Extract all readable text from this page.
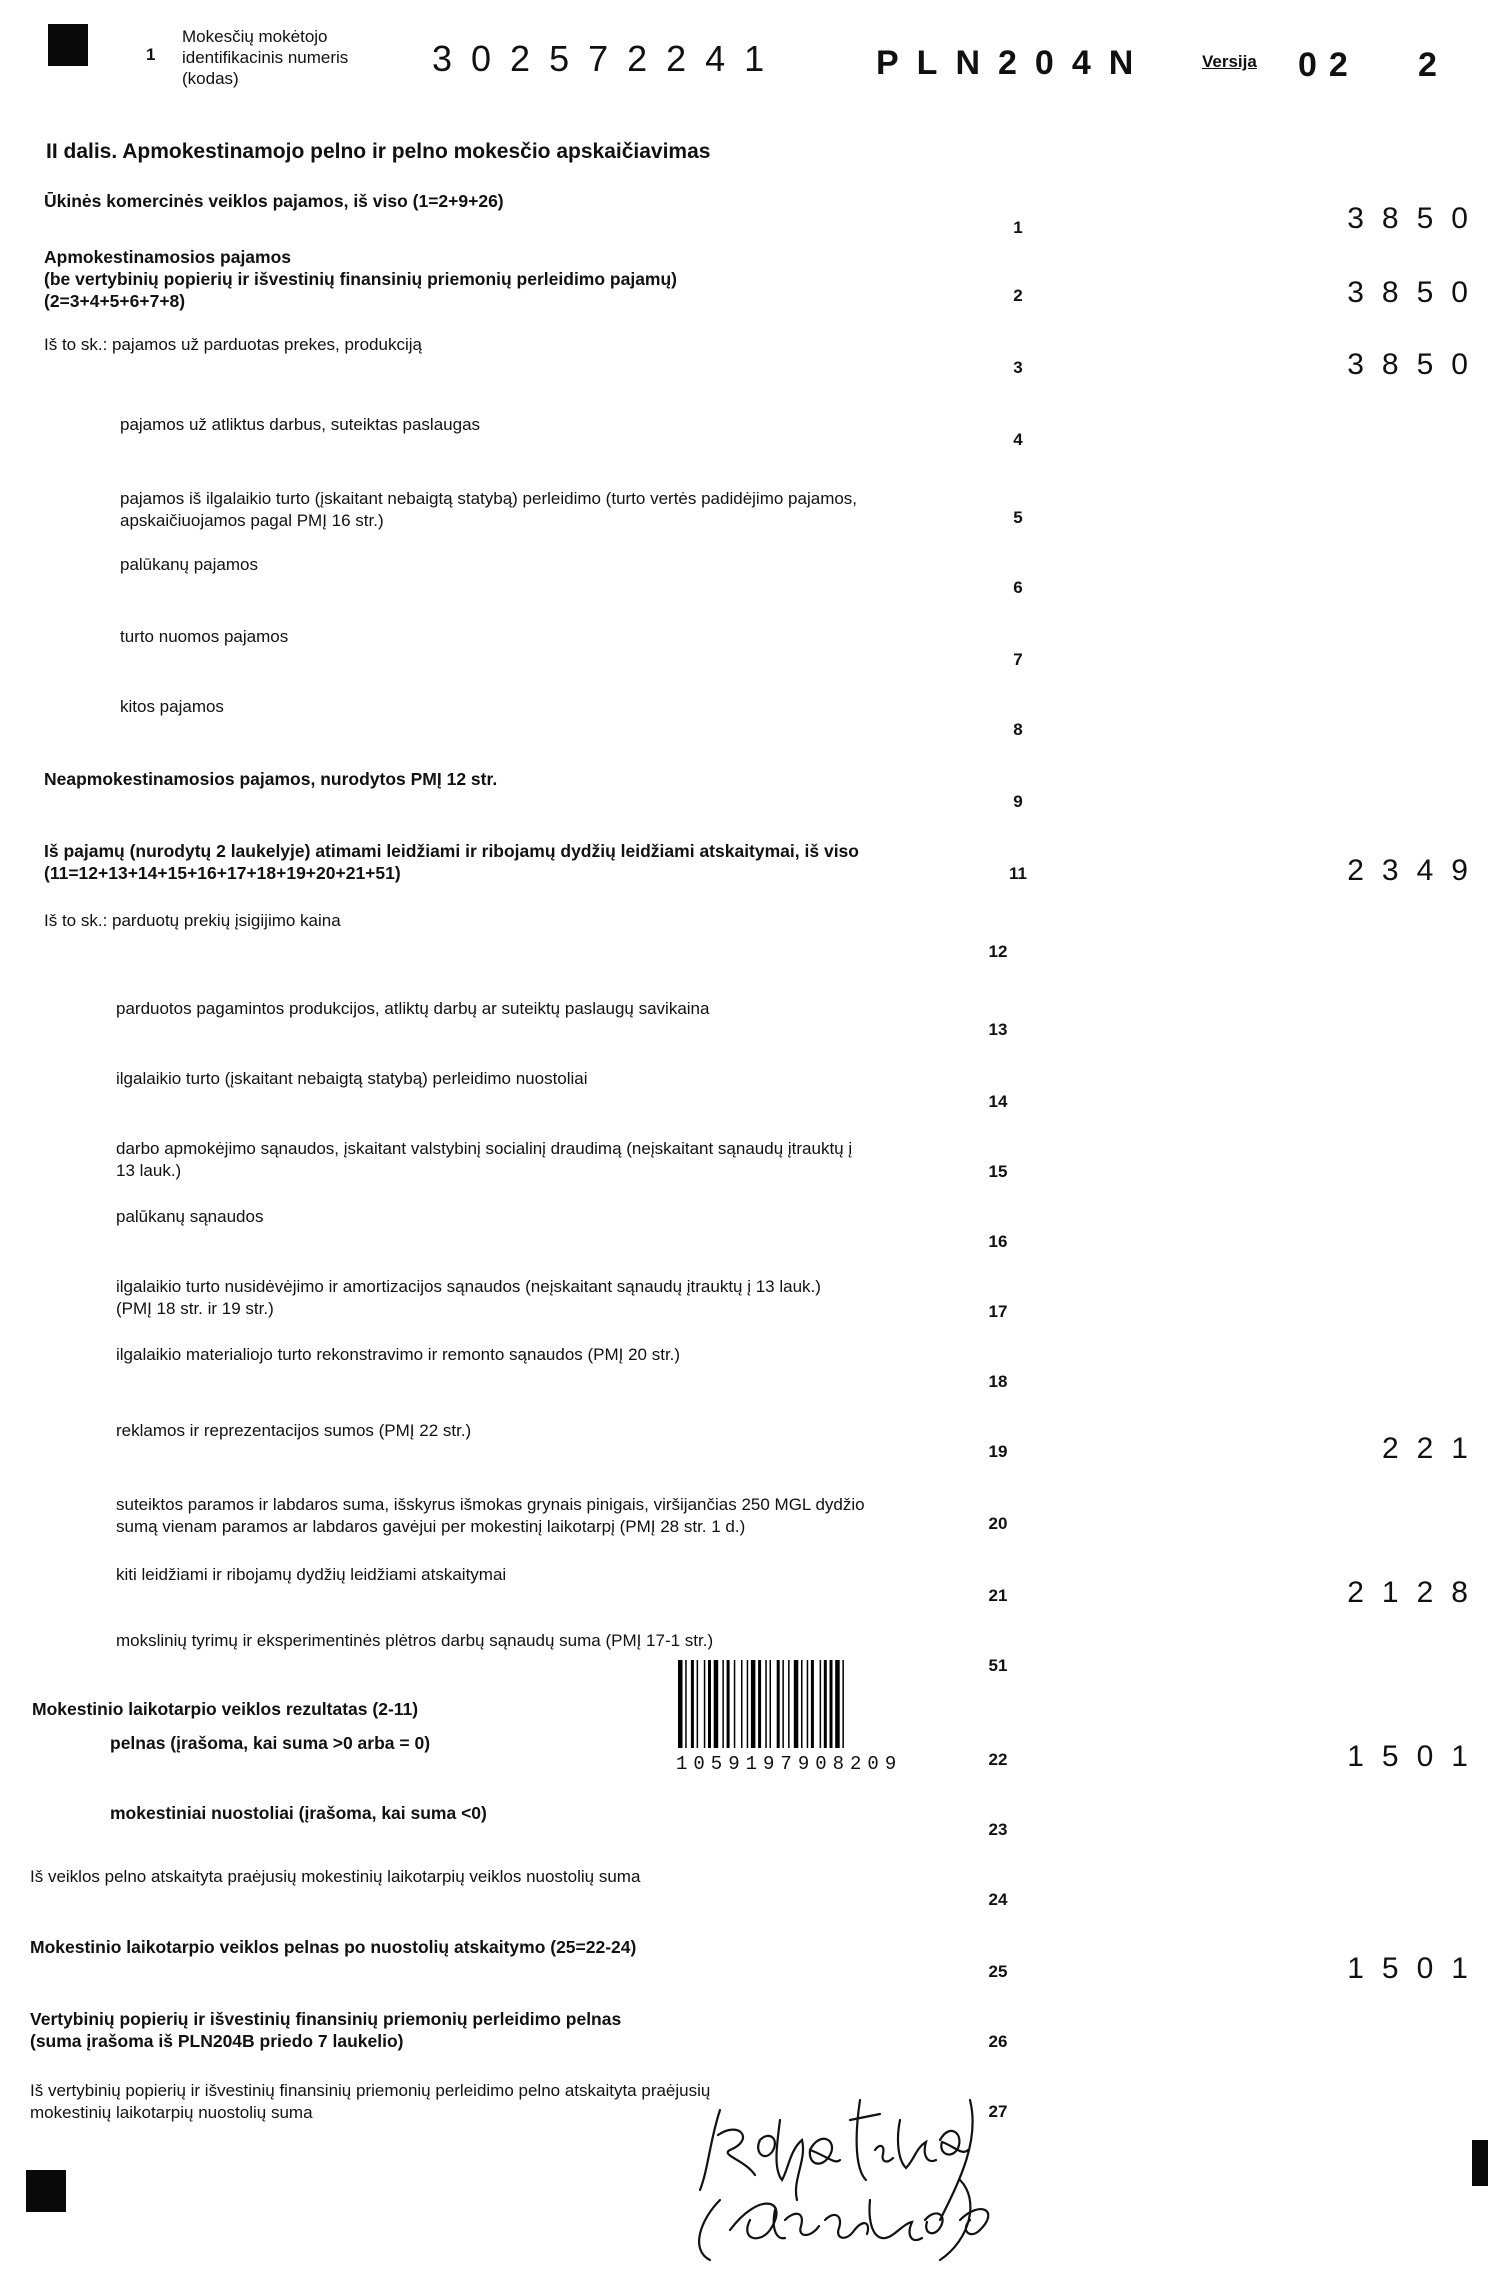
1
Mokesčių mokėtojo
identifikacinis numeris
(kodas)	302572241	PLN204N	Versija 02 2
II dalis. Apmokestinamojo pelno ir pelno mokesčio apskaičiavimas
Ūkinės komercinės veiklos pajamos, iš viso (1=2+9+26)
1	3850
Apmokestinamosios pajamos
(be vertybinių popierių ir išvestinių finansinių priemonių perleidimo pajamų)
(2=3+4+5+6+7+8)	2	3850
Iš to sk.: pajamos už parduotas prekes, produkciją
3	3850
pajamos už atliktus darbus, suteiktas paslaugas
4
pajamos iš ilgalaikio turto (įskaitant nebaigtą statybą) perleidimo (turto vertės padidėjimo pajamos,
apskaičiuojamos pagal PMĮ 16 str.)	5
palūkanų pajamos
6
turto nuomos pajamos
7
kitos pajamos
8
Neapmokestinamosios pajamos, nurodytos PMĮ 12 str.
9
Iš pajamų (nurodytų 2 laukelyje) atimami leidžiami ir ribojamų dydžių leidžiami atskaitymai, iš viso
(11=12+13+14+15+16+17+18+19+20+21+51)	11	2349
Iš to sk.: parduotų prekių įsigijimo kaina
12
parduotos pagamintos produkcijos, atliktų darbų ar suteiktų paslaugų savikaina
13
ilgalaikio turto (įskaitant nebaigtą statybą) perleidimo nuostoliai
14
darbo apmokėjimo sąnaudos, įskaitant valstybinį socialinį draudimą (neįskaitant sąnaudų įtrauktų į
13 lauk.)	15
palūkanų sąnaudos
16
ilgalaikio turto nusidėvėjimo ir amortizacijos sąnaudos (neįskaitant sąnaudų įtrauktų į 13 lauk.)
(PMĮ 18 str. ir 19 str.)	17
ilgalaikio materialiojo turto rekonstravimo ir remonto sąnaudos (PMĮ 20 str.)
18
reklamos ir reprezentacijos sumos (PMĮ 22 str.)
19	221
suteiktos paramos ir labdaros suma, išskyrus išmokas grynais pinigais, viršijančias 250 MGL dydžio
sumą vienam paramos ar labdaros gavėjui per mokestinį laikotarpį (PMĮ 28 str. 1 d.)	20
kiti leidžiami ir ribojamų dydžių leidžiami atskaitymai
21	2128
mokslinių tyrimų ir eksperimentinės plėtros darbų sąnaudų suma (PMĮ 17-1 str.)
51
Mokestinio laikotarpio veiklos rezultatas (2-11)
pelnas (įrašoma, kai suma >0 arba = 0)
22	1501
mokestiniai nuostoliai (įrašoma, kai suma <0)
23
Iš veiklos pelno atskaityta praėjusių mokestinių laikotarpių veiklos nuostolių suma
24
Mokestinio laikotarpio veiklos pelnas po nuostolių atskaitymo (25=22-24)
25	1501
Vertybinių popierių ir išvestinių finansinių priemonių perleidimo pelnas
(suma įrašoma iš PLN204B priedo 7 laukelio)	26
Iš vertybinių popierių ir išvestinių finansinių priemonių perleidimo pelno atskaityta praėjusių
mokestinių laikotarpių nuostolių suma	27
1059197908209
